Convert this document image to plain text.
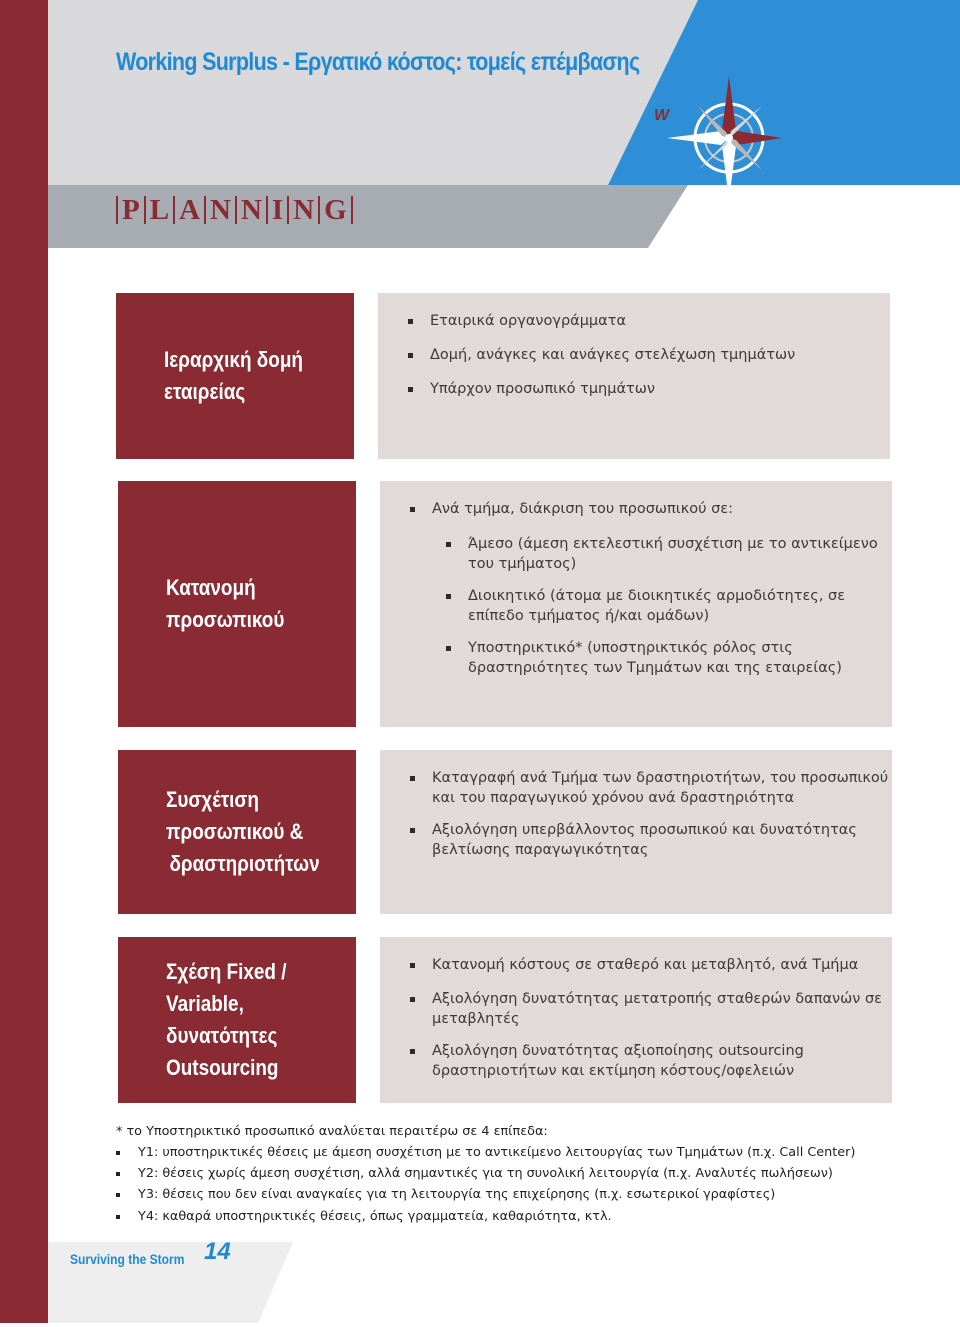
Working Surplus - Εργατικό κόστος: τομείς επέμβασης
W
P L A N N I N G
Ιεραρχική δομή
εταιρείας
Εταιρικά οργανογράμματα
Δομή, ανάγκες και ανάγκες στελέχωση τμημάτων
Υπάρχον προσωπικό τμημάτων
Κατανομή
προσωπικού
Ανά τμήμα, διάκριση του προσωπικού σε:
Άμεσο (άμεση εκτελεστική συσχέτιση με το αντικείμενο
του τμήματος)
Διοικητικό (άτομα με διοικητικές αρμοδιότητες, σε
επίπεδο τμήματος ή/και ομάδων)
Υποστηρικτικό* (υποστηρικτικός ρόλος στις
δραστηριότητες των Τμημάτων και της εταιρείας)
Συσχέτιση
προσωπικού &
δραστηριοτήτων
Καταγραφή ανά Τμήμα των δραστηριοτήτων, του προσωπικού
και του παραγωγικού χρόνου ανά δραστηριότητα
Αξιολόγηση υπερβάλλοντος προσωπικού και δυνατότητας
βελτίωσης παραγωγικότητας
Σχέση Fixed /
Variable,
δυνατότητες
Outsourcing
Κατανομή κόστους σε σταθερό και μεταβλητό, ανά Τμήμα
Αξιολόγηση δυνατότητας μετατροπής σταθερών δαπανών σε
μεταβλητές
Αξιολόγηση δυνατότητας αξιοποίησης outsourcing
δραστηριοτήτων και εκτίμηση κόστους/οφελειών
* το Υποστηρικτικό προσωπικό αναλύεται περαιτέρω σε 4 επίπεδα:
Υ1: υποστηρικτικές θέσεις με άμεση συσχέτιση με το αντικείμενο λειτουργίας των Τμημάτων (π.χ. Call Center)
Υ2: θέσεις χωρίς άμεση συσχέτιση, αλλά σημαντικές για τη συνολική λειτουργία (π.χ. Αναλυτές πωλήσεων)
Υ3: θέσεις που δεν είναι αναγκαίες για τη λειτουργία της επιχείρησης (π.χ. εσωτερικοί γραφίστες)
Υ4: καθαρά υποστηρικτικές θέσεις, όπως γραμματεία, καθαριότητα, κτλ.
Surviving the Storm 14
